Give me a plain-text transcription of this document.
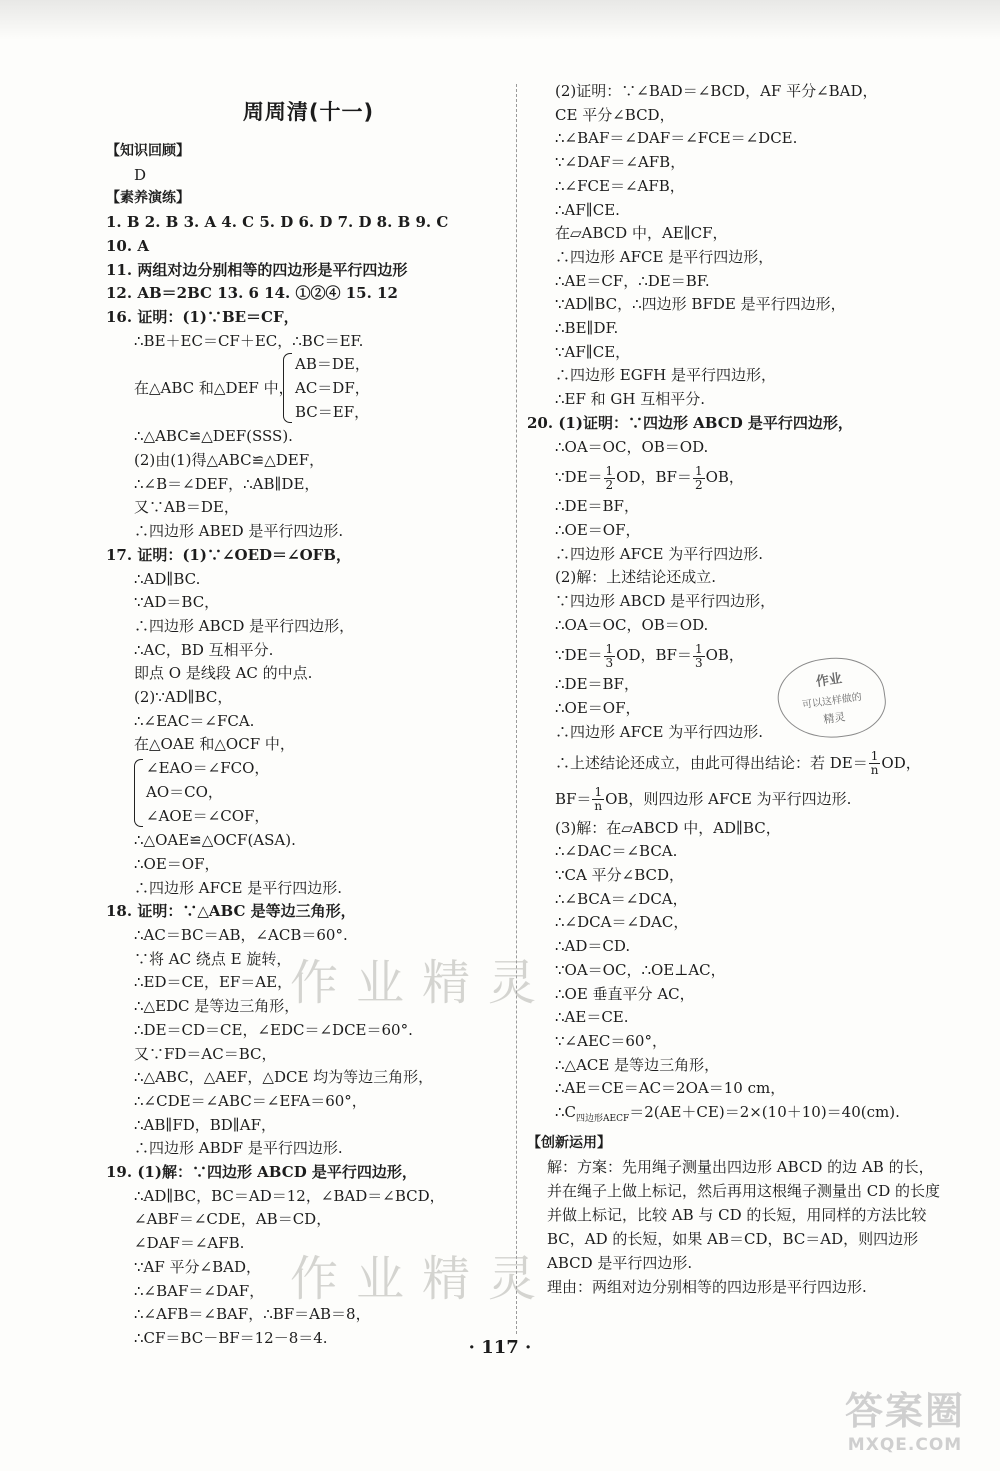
作业精灵
作业精灵
周周清(十一)
【知识回顾】
D
【素养演练】
1. B 2. B 3. A 4. C 5. D 6. D 7. D 8. B 9. C
10. A
11. 两组对边分别相等的四边形是平行四边形
12. AB＝2BC 13. 6 14. ①②④ 15. 12
16. 证明：(1)∵BE＝CF，
∴BE＋EC＝CF＋EC，∴BC＝EF.
在△ABC 和△DEF 中，
AB＝DE，
AC＝DF，
BC＝EF，
∴△ABC≌△DEF(SSS).
(2)由(1)得△ABC≌△DEF，
∴∠B＝∠DEF，∴AB∥DE，
又∵AB＝DE，
∴四边形 ABED 是平行四边形.
17. 证明：(1)∵∠OED＝∠OFB，
∴AD∥BC.
∵AD＝BC，
∴四边形 ABCD 是平行四边形，
∴AC，BD 互相平分.
即点 O 是线段 AC 的中点.
(2)∵AD∥BC，
∴∠EAC＝∠FCA.
在△OAE 和△OCF 中，
∠EAO＝∠FCO，
AO＝CO，
∠AOE＝∠COF，
∴△OAE≌△OCF(ASA).
∴OE＝OF，
∴四边形 AFCE 是平行四边形.
18. 证明：∵△ABC 是等边三角形，
∴AC＝BC＝AB，∠ACB＝60°.
∵将 AC 绕点 E 旋转，
∴ED＝CE，EF＝AE，
∴△EDC 是等边三角形，
∴DE＝CD＝CE，∠EDC＝∠DCE＝60°.
又∵FD＝AC＝BC，
∴△ABC，△AEF，△DCE 均为等边三角形，
∴∠CDE＝∠ABC＝∠EFA＝60°，
∴AB∥FD，BD∥AF，
∴四边形 ABDF 是平行四边形.
19. (1)解：∵四边形 ABCD 是平行四边形，
∴AD∥BC，BC＝AD＝12，∠BAD＝∠BCD，
∠ABF＝∠CDE，AB＝CD，
∠DAF＝∠AFB.
∵AF 平分∠BAD，
∴∠BAF＝∠DAF，
∴∠AFB＝∠BAF，∴BF＝AB＝8，
∴CF＝BC－BF＝12－8＝4.
(2)证明：∵∠BAD＝∠BCD，AF 平分∠BAD，
CE 平分∠BCD，
∴∠BAF＝∠DAF＝∠FCE＝∠DCE.
∵∠DAF＝∠AFB，
∴∠FCE＝∠AFB，
∴AF∥CE.
在▱ABCD 中，AE∥CF，
∴四边形 AFCE 是平行四边形，
∴AE＝CF，∴DE＝BF.
∵AD∥BC，∴四边形 BFDE 是平行四边形，
∴BE∥DF.
∵AF∥CE，
∴四边形 EGFH 是平行四边形，
∴EF 和 GH 互相平分.
20. (1)证明：∵四边形 ABCD 是平行四边形，
∴OA＝OC，OB＝OD.
∵DE＝ $\frac{1}{2}$ OD，$BF= \frac{1}{2}$ OB，
∴DE＝BF，
∴OE＝OF，
∴四边形 AFCE 为平行四边形.
(2)解：上述结论还成立.
∵四边形 ABCD 是平行四边形，
∴OA＝OC，OB＝OD.
∵DE＝ $\frac{1}{3}$ OD，$BF= \frac{1}{3}$ OB，
∴DE＝BF，
∴OE＝OF，
∴四边形 AFCE 为平行四边形.
∴上述结论还成立，由此可得出结论：若 $DE= \frac{1}{n}$ OD，
$BF= \frac{1}{n}$ OB，则四边形 AFCE 为平行四边形.
(3)解：在▱ABCD 中，AD∥BC，
∴∠DAC＝∠BCA.
∵CA 平分∠BCD，
∴∠BCA＝∠DCA，
∴∠DCA＝∠DAC，
∴AD＝CD.
∵OA＝OC，∴OE⊥AC，
∴OE 垂直平分 AC，
∴AE＝CE.
∵∠AEC＝60°，
∴△ACE 是等边三角形，
∴AE＝CE＝AC＝2OA＝10 cm，
$\therefore C_{四边形AECF}=2(AE+CE)=2\times(10+10)=40(cm)$.
【创新运用】
解：方案：先用绳子测量出四边形 ABCD 的边 AB 的长，并在绳子上做上标记，然后再用这根绳子测量出 CD 的长度并做上标记，比较 AB 与 CD 的长短，用同样的方法比较 BC，AD 的长短，如果 AB＝CD，BC＝AD，则四边形 ABCD 是平行四边形.
理由：两组对边分别相等的四边形是平行四边形.
作业
可以这样做的
精灵
· 117 ·
答案圈
MXQE.COM
